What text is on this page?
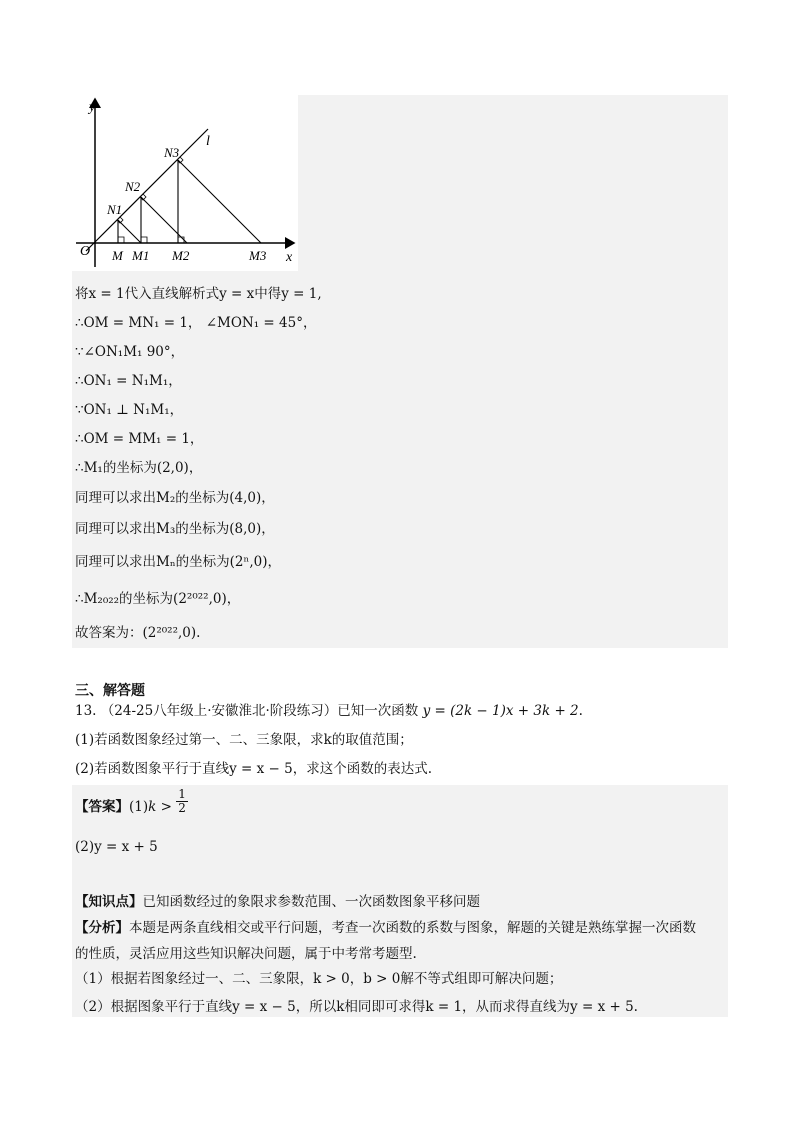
y
x
l
O M M1 M2	M3
N1
N2
N3
将x = 1代入直线解析式y = x中得y = 1,
∴OM = MN₁ = 1， ∠MON₁ = 45°，
∵∠ON₁M₁ 90°，
∴ON₁ = N₁M₁，
∵ON₁ ⊥ N₁M₁，
∴OM = MM₁ = 1，
∴M₁的坐标为(2,0)，
同理可以求出M₂的坐标为(4,0)，
同理可以求出M₃的坐标为(8,0)，
同理可以求出Mₙ的坐标为(2ⁿ,0)，
∴M₂₀₂₂的坐标为(2²⁰²²,0)，
故答案为：(2²⁰²²,0).
三、解答题
13. （24-25八年级上·安徽淮北·阶段练习）已知一次函数 y = (2k − 1)x + 3k + 2.
(1)若函数图象经过第一、二、三象限，求k的取值范围；
(2)若函数图象平行于直线y = x − 5，求这个函数的表达式.
【答案】$(1)k > \frac{1}{2}$
(2)y = x + 5
【知识点】已知函数经过的象限求参数范围、一次函数图象平移问题
【分析】本题是两条直线相交或平行问题，考查一次函数的系数与图象，解题的关键是熟练掌握一次函数
的性质，灵活应用这些知识解决问题，属于中考常考题型.
（1）根据若图象经过一、二、三象限，k > 0，b > 0解不等式组即可解决问题；
（2）根据图象平行于直线y = x − 5，所以k相同即可求得k = 1，从而求得直线为y = x + 5.
